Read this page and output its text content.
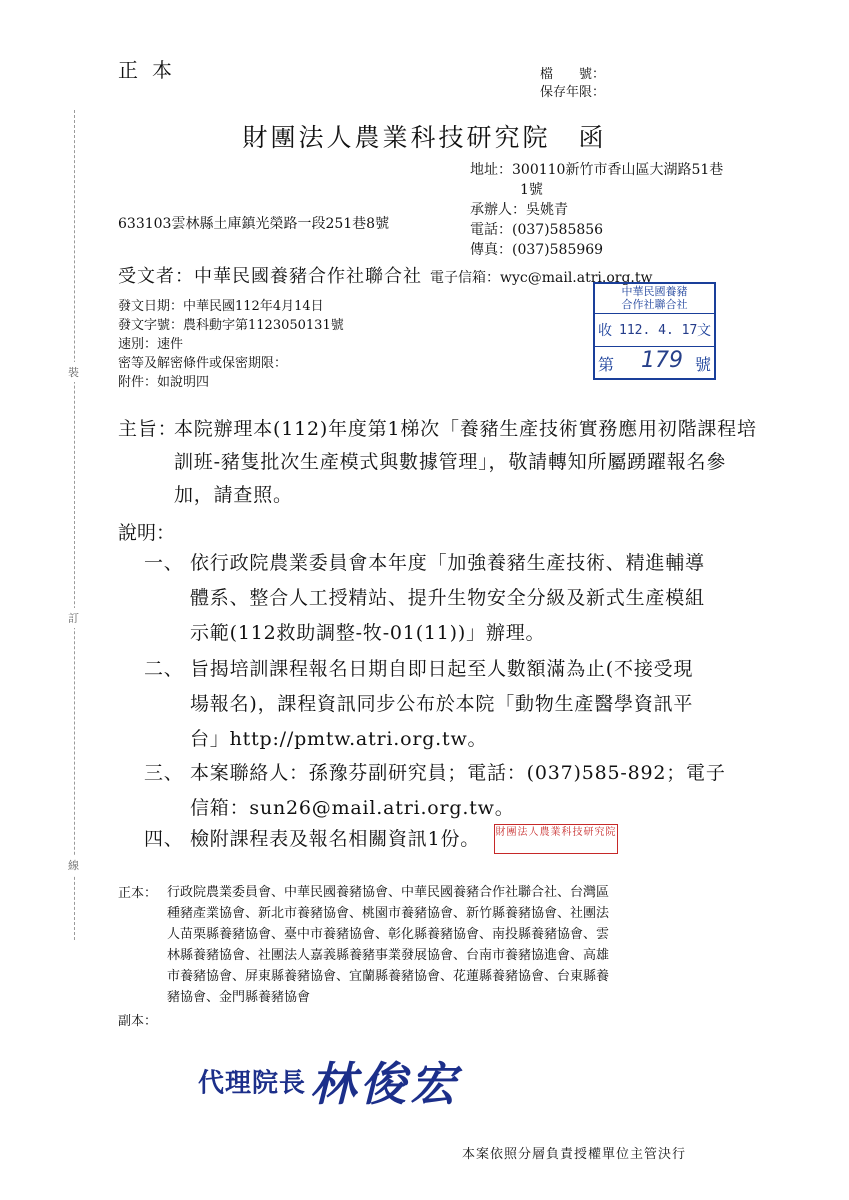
裝
訂
線
正本	檔　　號：
保存年限：
財團法人農業科技研究院　函
地址：300110新竹市香山區大湖路51巷
1號
承辦人：吳姚青
電話：(037)585856
傳真：(037)585969
633103雲林縣土庫鎮光榮路一段251巷8號
受文者：中華民國養豬合作社聯合社 電子信箱：wyc@mail.atri.org.tw
發文日期：中華民國112年4月14日
發文字號：農科動字第1123050131號
速別：速件
密等及解密條件或保密期限：
附件：如說明四
中華民國養豬
合作社聯合社
收 112. 4. 17 文
第 179 號
主旨：
本院辦理本(112)年度第1梯次「養豬生產技術實務應用初階課程培訓班-豬隻批次生產模式與數據管理」，敬請轉知所屬踴躍報名參加，請查照。
說明：
一、 依行政院農業委員會本年度「加強養豬生產技術、精進輔導
體系、整合人工授精站、提升生物安全分級及新式生產模組
示範(112救助調整-牧-01(11))」辦理。
二、 旨揭培訓課程報名日期自即日起至人數額滿為止(不接受現
場報名)，課程資訊同步公布於本院「動物生產醫學資訊平
台」http://pmtw.atri.org.tw。
三、 本案聯絡人：孫豫芬副研究員；電話：(037)585-892；電子
信箱：sun26@mail.atri.org.tw。
四、 檢附課程表及報名相關資訊1份。	財團法人農業科技研究院
正本： 行政院農業委員會、中華民國養豬協會、中華民國養豬合作社聯合社、台灣區
種豬產業協會、新北市養豬協會、桃園市養豬協會、新竹縣養豬協會、社團法
人苗栗縣養豬協會、臺中市養豬協會、彰化縣養豬協會、南投縣養豬協會、雲
林縣養豬協會、社團法人嘉義縣養豬事業發展協會、台南市養豬協進會、高雄
市養豬協會、屏東縣養豬協會、宜蘭縣養豬協會、花蓮縣養豬協會、台東縣養
豬協會、金門縣養豬協會
副本：
代理院長林俊宏
本案依照分層負責授權單位主管決行
